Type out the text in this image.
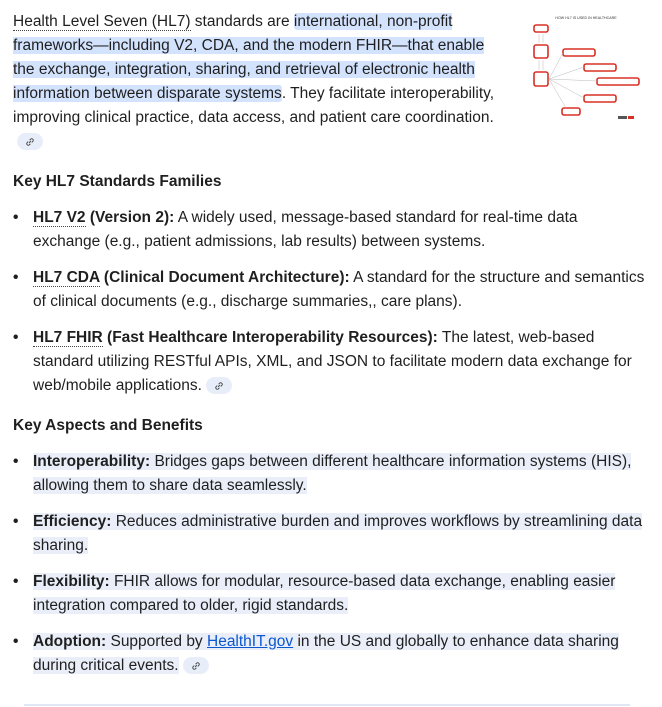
Health Level Seven (HL7) standards are international, non-profit frameworks—including V2, CDA, and the modern FHIR—that enable the exchange, integration, sharing, and retrieval of electronic health information between disparate systems. They facilitate interoperability, improving clinical practice, data access, and patient care coordination.

Key HL7 Standards Families
• HL7 V2 (Version 2): A widely used, message-based standard for real-time data exchange (e.g., patient admissions, lab results) between systems.
• HL7 CDA (Clinical Document Architecture): A standard for the structure and semantics of clinical documents (e.g., discharge summaries,, care plans).
• HL7 FHIR (Fast Healthcare Interoperability Resources): The latest, web-based standard utilizing RESTful APIs, XML, and JSON to facilitate modern data exchange for web/mobile applications.
Key Aspects and Benefits
• Interoperability: Bridges gaps between different healthcare information systems (HIS), allowing them to share data seamlessly.
• Efficiency: Reduces administrative burden and improves workflows by streamlining data sharing.
• Flexibility: FHIR allows for modular, resource-based data exchange, enabling easier integration compared to older, rigid standards.
• Adoption: Supported by HealthIT.gov in the US and globally to enhance data sharing during critical events.
HOW HL7 IS USED IN HEALTHCARE
